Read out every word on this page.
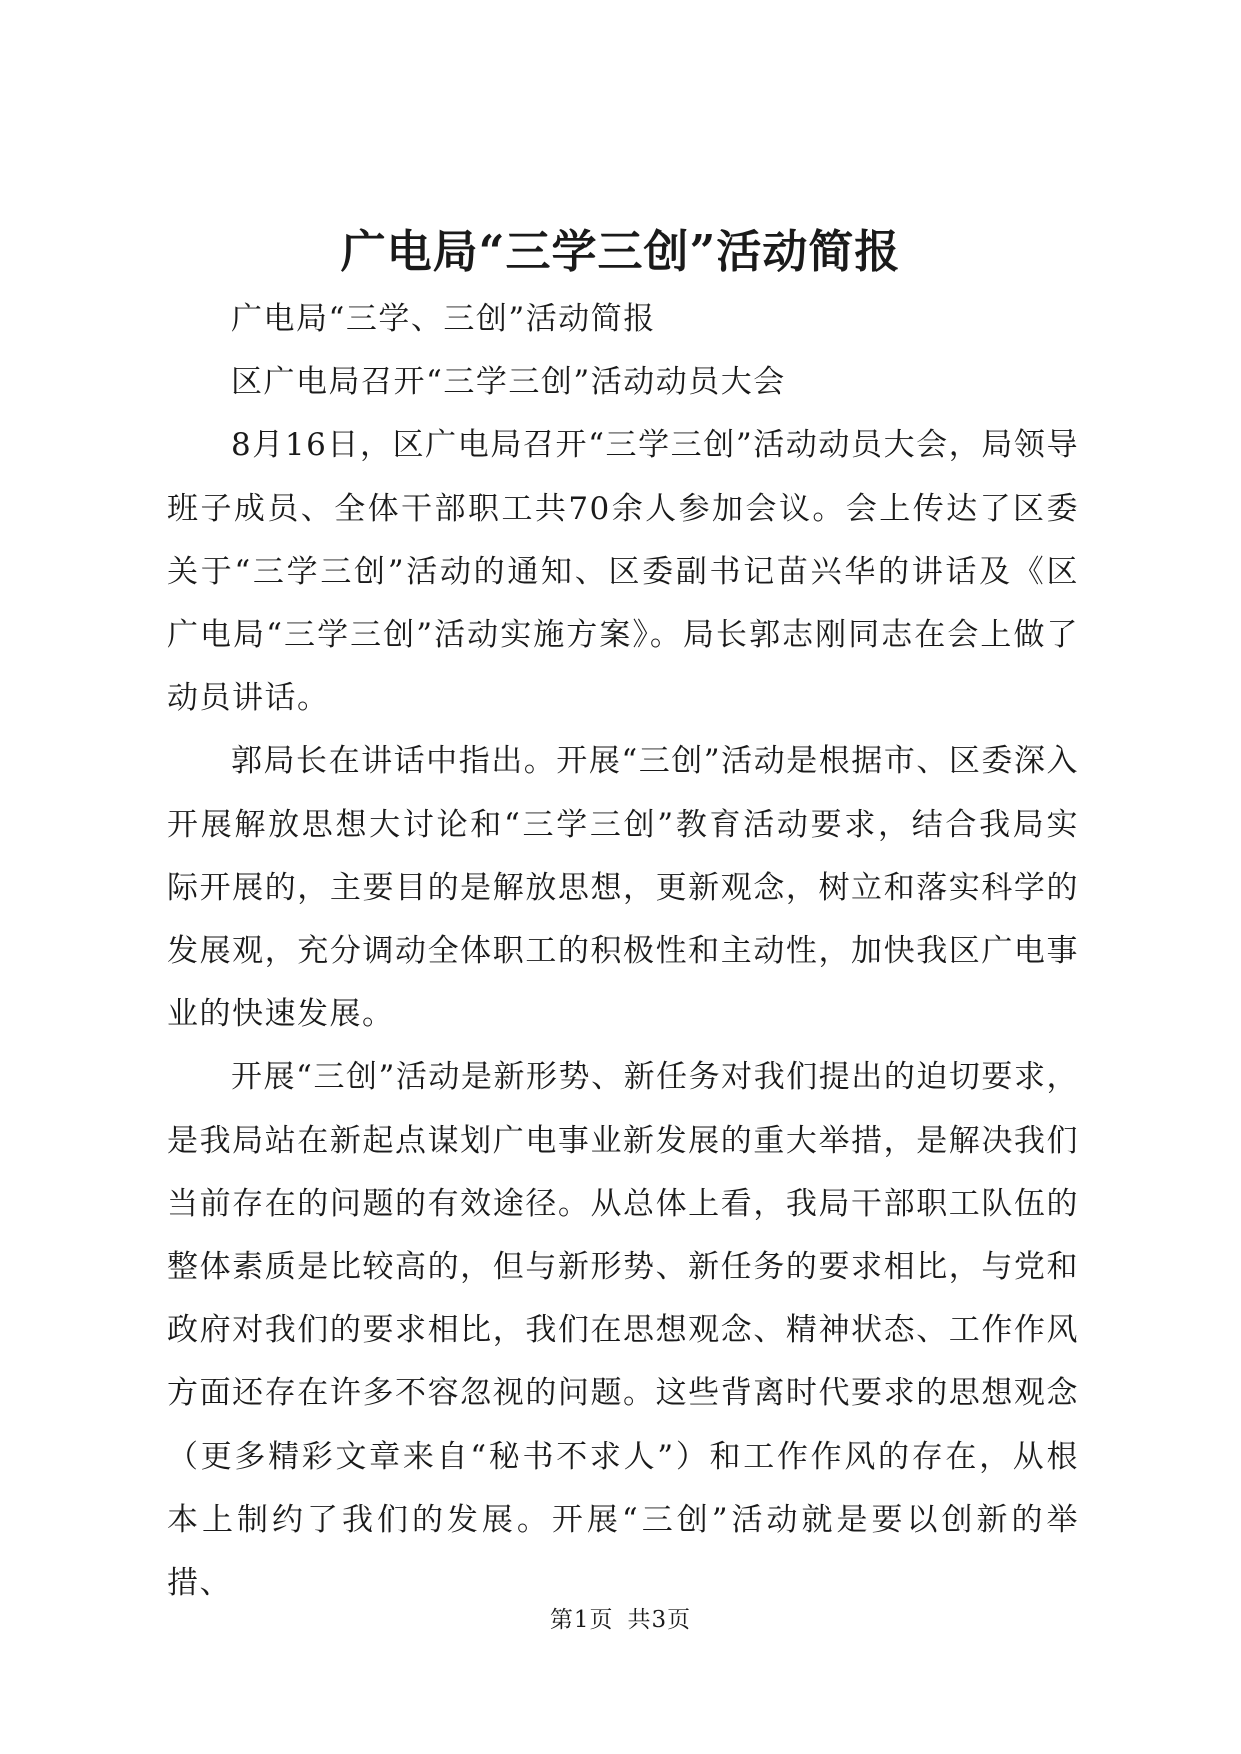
广电局“三学三创”活动简报

广电局“三学、三创”活动简报

区广电局召开“三学三创”活动动员大会

8月16日，区广电局召开“三学三创”活动动员大会，局领导班子成员、全体干部职工共70余人参加会议。会上传达了区委关于“三学三创”活动的通知、区委副书记苗兴华的讲话及《区广电局“三学三创”活动实施方案》。局长郭志刚同志在会上做了动员讲话。

郭局长在讲话中指出。开展“三创”活动是根据市、区委深入开展解放思想大讨论和“三学三创”教育活动要求，结合我局实际开展的，主要目的是解放思想，更新观念，树立和落实科学的发展观，充分调动全体职工的积极性和主动性，加快我区广电事业的快速发展。

开展“三创”活动是新形势、新任务对我们提出的迫切要求，是我局站在新起点谋划广电事业新发展的重大举措，是解决我们当前存在的问题的有效途径。从总体上看，我局干部职工队伍的整体素质是比较高的，但与新形势、新任务的要求相比，与党和政府对我们的要求相比，我们在思想观念、精神状态、工作作风方面还存在许多不容忽视的问题。这些背离时代要求的思想观念（更多精彩文章来自“秘书不求人”）和工作作风的存在，从根本上制约了我们的发展。开展“三创”活动就是要以创新的举措、

第1页 共3页
